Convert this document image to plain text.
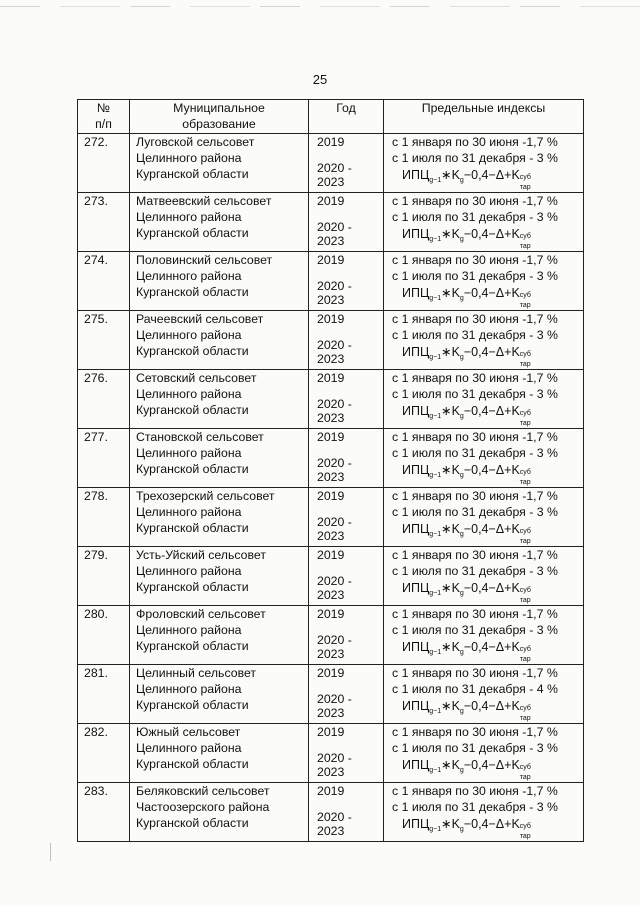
25
№
п/п	Муниципальное
образование	Год	Предельные индексы
272.	Луговской сельсовет
Целинного района
Курганской области	2019
2020 -
2023	с 1 января по 30 июня -1,7 %
с 1 июля по 31 декабря - 3 %
$ИПЦ_{g-1}∗K_g-0,4-\Delta+K$ суб
тар

273.	Матвеевский сельсовет
Целинного района
Курганской области	2019
2020 -
2023	с 1 января по 30 июня -1,7 %
с 1 июля по 31 декабря - 3 %
$ИПЦ_{g-1}∗K_g-0,4-\Delta+K$ суб
тар

274.	Половинский сельсовет
Целинного района
Курганской области	2019
2020 -
2023	с 1 января по 30 июня -1,7 %
с 1 июля по 31 декабря - 3 %
$ИПЦ_{g-1}∗K_g-0,4-\Delta+K$ суб
тар

275.	Рачеевский сельсовет
Целинного района
Курганской области	2019
2020 -
2023	с 1 января по 30 июня -1,7 %
с 1 июля по 31 декабря - 3 %
$ИПЦ_{g-1}∗K_g-0,4-\Delta+K$ суб
тар

276.	Сетовский сельсовет
Целинного района
Курганской области	2019
2020 -
2023	с 1 января по 30 июня -1,7 %
с 1 июля по 31 декабря - 3 %
$ИПЦ_{g-1}∗K_g-0,4-\Delta+K$ суб
тар

277.	Становской сельсовет
Целинного района
Курганской области	2019
2020 -
2023	с 1 января по 30 июня -1,7 %
с 1 июля по 31 декабря - 3 %
$ИПЦ_{g-1}∗K_g-0,4-\Delta+K$ суб
тар

278.	Трехозерский сельсовет
Целинного района
Курганской области	2019
2020 -
2023	с 1 января по 30 июня -1,7 %
с 1 июля по 31 декабря - 3 %
$ИПЦ_{g-1}∗K_g-0,4-\Delta+K$ суб
тар

279.	Усть-Уйский сельсовет
Целинного района
Курганской области	2019
2020 -
2023	с 1 января по 30 июня -1,7 %
с 1 июля по 31 декабря - 3 %
$ИПЦ_{g-1}∗K_g-0,4-\Delta+K$ суб
тар

280.	Фроловский сельсовет
Целинного района
Курганской области	2019
2020 -
2023	с 1 января по 30 июня -1,7 %
с 1 июля по 31 декабря - 3 %
$ИПЦ_{g-1}∗K_g-0,4-\Delta+K$ суб
тар

281.	Целинный сельсовет
Целинного района
Курганской области	2019
2020 -
2023	с 1 января по 30 июня -1,7 %
с 1 июля по 31 декабря - 4 %
$ИПЦ_{g-1}∗K_g-0,4-\Delta+K$ суб
тар

282.	Южный сельсовет
Целинного района
Курганской области	2019
2020 -
2023	с 1 января по 30 июня -1,7 %
с 1 июля по 31 декабря - 3 %
$ИПЦ_{g-1}∗K_g-0,4-\Delta+K$ суб
тар

283.	Беляковский сельсовет
Частоозерского района
Курганской области	2019
2020 -
2023	с 1 января по 30 июня -1,7 %
с 1 июля по 31 декабря - 3 %
$ИПЦ_{g-1}∗K_g-0,4-\Delta+K$ суб
тар
